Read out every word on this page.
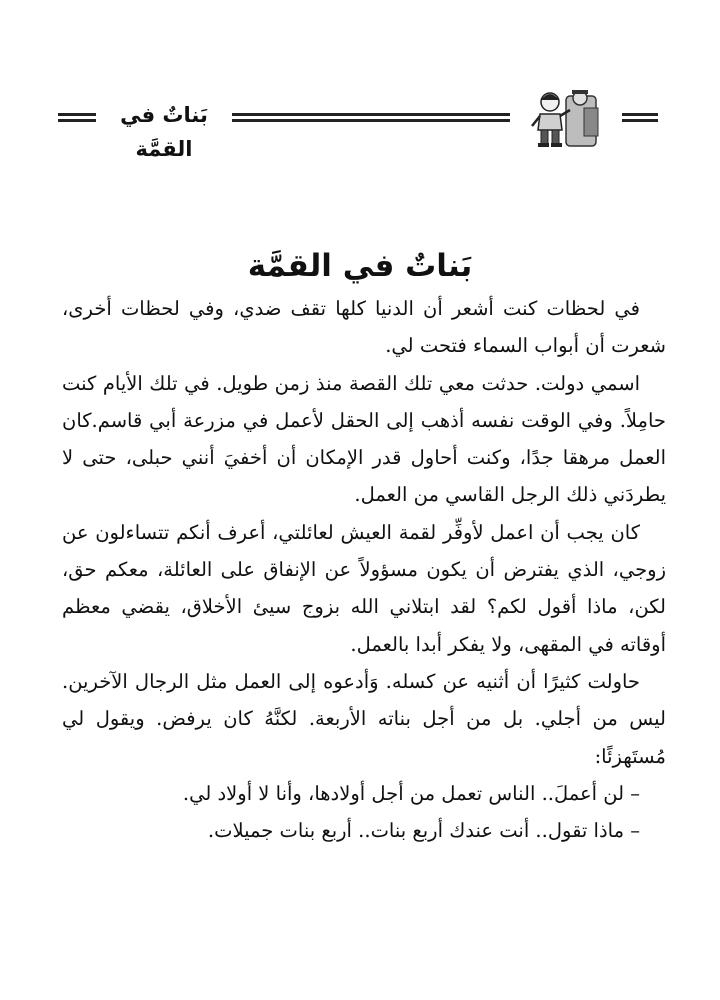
بَناتٌ في القمَّة
بَناتٌ في القمَّة

في لحظات كنت أشعر أن الدنيا كلها تقف ضدي، وفي لحظات أخرى، شعرت أن أبواب السماء فتحت لي.

اسمي دولت. حدثت معي تلك القصة منذ زمن طويل. في تلك الأيام كنت حامِلاً. وفي الوقت نفسه أذهب إلى الحقل لأعمل في مزرعة أبي قاسم.كان العمل مرهقا جدًا، وكنت أحاول قدر الإمكان أن أخفيَ أنني حبلى، حتى لا يطردَني ذلك الرجل القاسي من العمل.

كان يجب أن اعمل لأوفِّر لقمة العيش لعائلتي، أعرف أنكم تتساءلون عن زوجي، الذي يفترض أن يكون مسؤولاً عن الإنفاق على العائلة، معكم حق، لكن، ماذا أقول لكم؟ لقد ابتلاني الله بزوج سيئ الأخلاق، يقضي معظم أوقاته في المقهى، ولا يفكر أبدا بالعمل.

حاولت كثيرًا أن أثنيه عن كسله. وَأدعوه إلى العمل مثل الرجال الآخرين. ليس من أجلي. بل من أجل بناته الأربعة. لكنَّهُ كان يرفض. ويقول لي مُستَهزئًا:

– لن أعملَ.. الناس تعمل من أجل أولادها، وأنا لا أولاد لي.

– ماذا تقول.. أنت عندك أربع بنات.. أربع بنات جميلات.
